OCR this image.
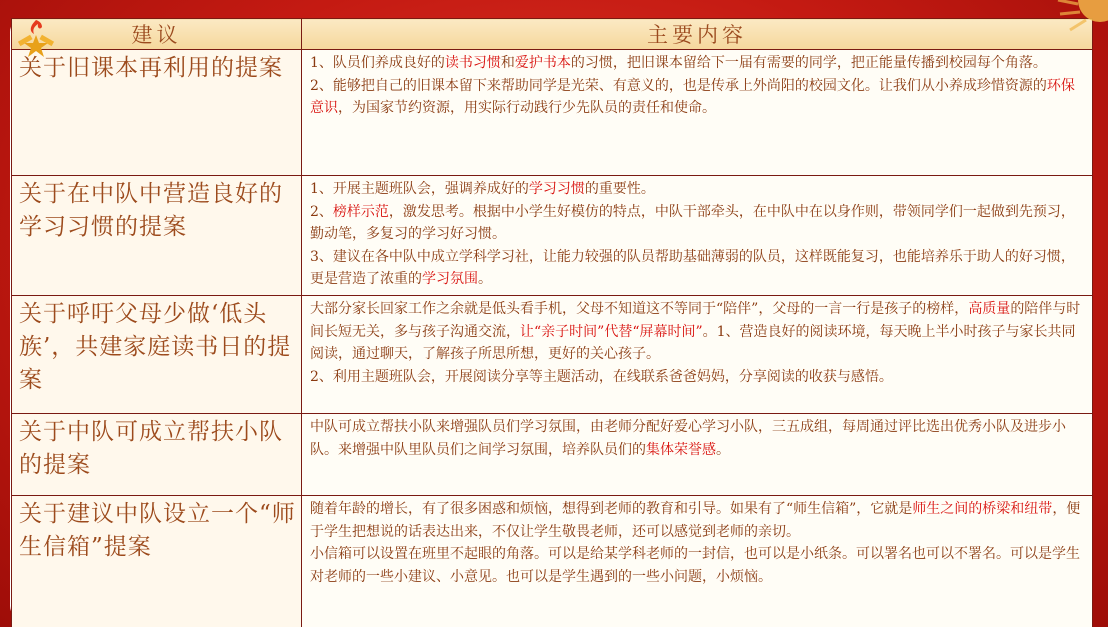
建议	主要内容
关于旧课本再利用的提案	1、队员们养成良好的读书习惯和爱护书本的习惯，把旧课本留给下一届有需要的同学，把正能量传播到校园每个角落。

2、能够把自己的旧课本留下来帮助同学是光荣、有意义的，也是传承上外尚阳的校园文化。让我们从小养成珍惜资源的环保意识，为国家节约资源，用实际行动践行少先队员的责任和使命。

关于在中队中营造良好的学习习惯的提案	1、开展主题班队会，强调养成好的学习习惯的重要性。

2、榜样示范，激发思考。根据中小学生好模仿的特点，中队干部牵头，在中队中在以身作则，带领同学们一起做到先预习，勤动笔，多复习的学习好习惯。

3、建议在各中队中成立学科学习社，让能力较强的队员帮助基础薄弱的队员，这样既能复习，也能培养乐于助人的好习惯，更是营造了浓重的学习氛围。

关于呼吁父母少做‘低头族’，共建家庭读书日的提案	大部分家长回家工作之余就是低头看手机，父母不知道这不等同于“陪伴”，父母的一言一行是孩子的榜样，高质量的陪伴与时间长短无关，多与孩子沟通交流，让“亲子时间”代替“屏幕时间”。1、营造良好的阅读环境，每天晚上半小时孩子与家长共同阅读，通过聊天，了解孩子所思所想，更好的关心孩子。

2、利用主题班队会，开展阅读分享等主题活动，在线联系爸爸妈妈，分享阅读的收获与感悟。

关于中队可成立帮扶小队的提案	中队可成立帮扶小队来增强队员们学习氛围，由老师分配好爱心学习小队，三五成组，每周通过评比选出优秀小队及进步小队。来增强中队里队员们之间学习氛围，培养队员们的集体荣誉感。

关于建议中队设立一个“师生信箱”提案	随着年龄的增长，有了很多困惑和烦恼，想得到老师的教育和引导。如果有了“师生信箱”，它就是师生之间的桥梁和纽带，便于学生把想说的话表达出来，不仅让学生敬畏老师，还可以感觉到老师的亲切。

小信箱可以设置在班里不起眼的角落。可以是给某学科老师的一封信，也可以是小纸条。可以署名也可以不署名。可以是学生对老师的一些小建议、小意见。也可以是学生遇到的一些小问题，小烦恼。
